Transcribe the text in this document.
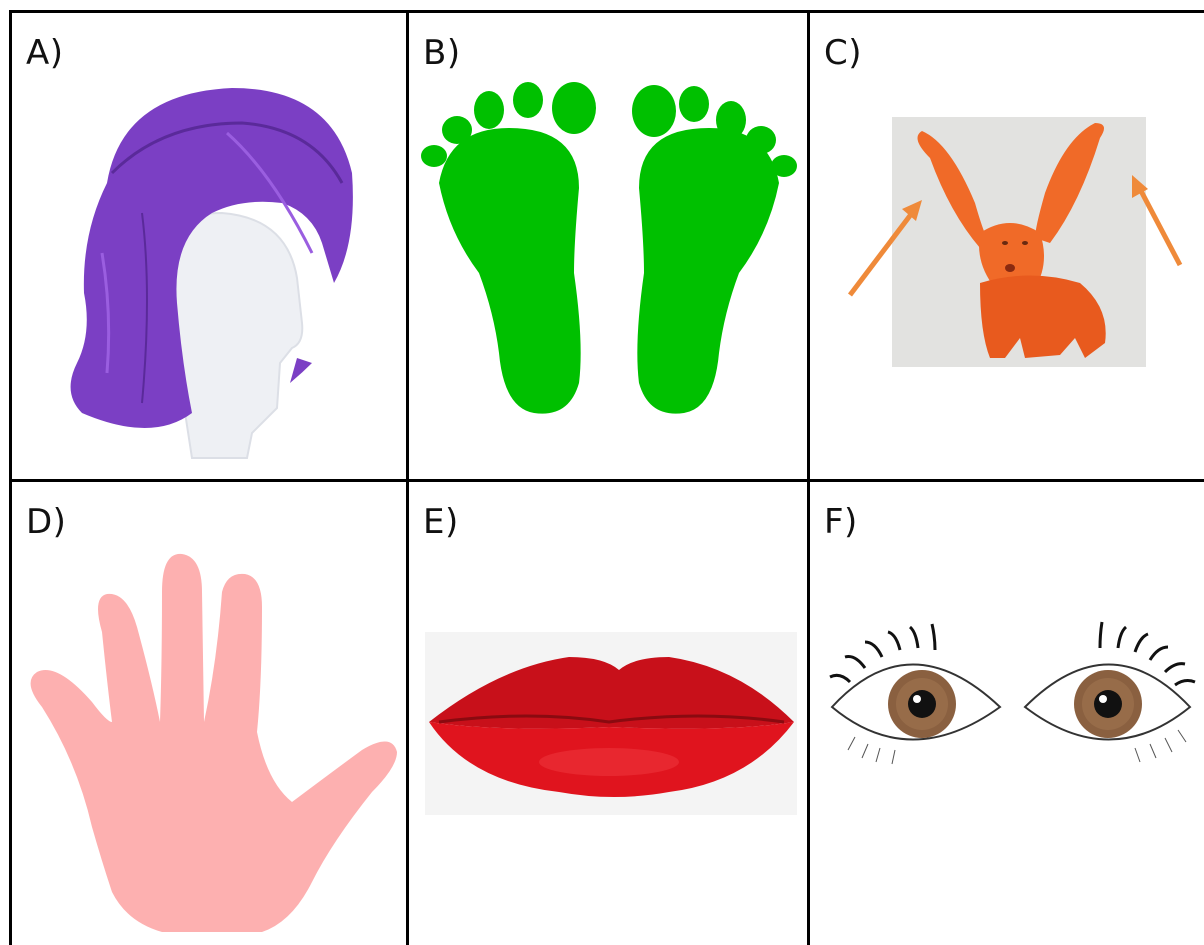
A)	B)	C)
D)	E)	F)
